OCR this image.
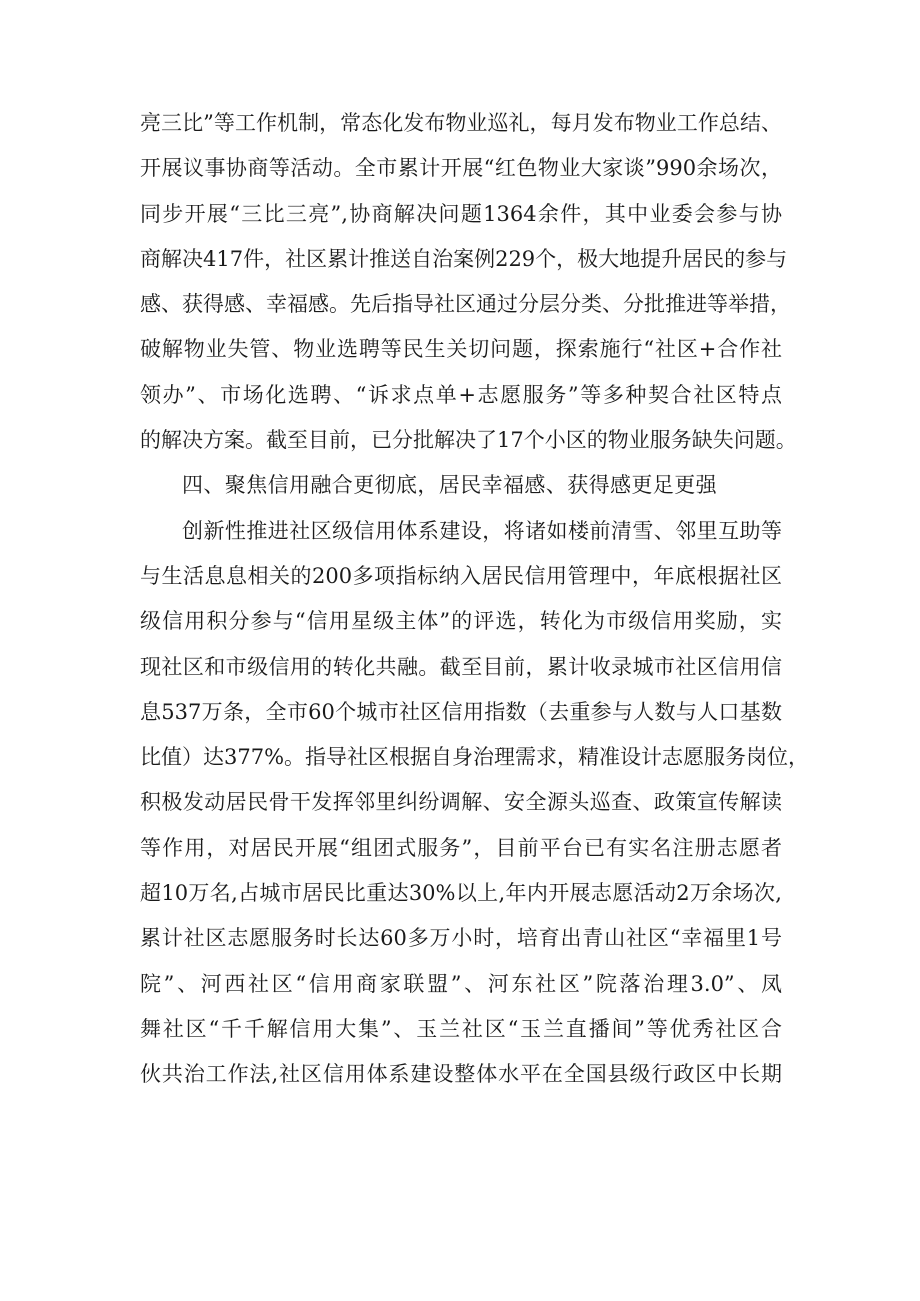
亮三比”等工作机制，常态化发布物业巡礼，每月发布物业工作总结、
开展议事协商等活动。全市累计开展“红色物业大家谈”990余场次，
同步开展“三比三亮”,协商解决问题1364余件，其中业委会参与协
商解决417件，社区累计推送自治案例229个，极大地提升居民的参与
感、获得感、幸福感。先后指导社区通过分层分类、分批推进等举措，
破解物业失管、物业选聘等民生关切问题，探索施行“社区+合作社
领办”、市场化选聘、“诉求点单+志愿服务”等多种契合社区特点
的解决方案。截至目前，已分批解决了17个小区的物业服务缺失问题。
四、聚焦信用融合更彻底，居民幸福感、获得感更足更强
创新性推进社区级信用体系建设，将诸如楼前清雪、邻里互助等
与生活息息相关的200多项指标纳入居民信用管理中，年底根据社区
级信用积分参与“信用星级主体”的评选，转化为市级信用奖励，实
现社区和市级信用的转化共融。截至目前，累计收录城市社区信用信
息537万条，全市60个城市社区信用指数（去重参与人数与人口基数
比值）达377%。指导社区根据自身治理需求，精准设计志愿服务岗位，
积极发动居民骨干发挥邻里纠纷调解、安全源头巡查、政策宣传解读
等作用，对居民开展“组团式服务”，目前平台已有实名注册志愿者
超10万名,占城市居民比重达30%以上,年内开展志愿活动2万余场次,
累计社区志愿服务时长达60多万小时，培育出青山社区“幸福里1号
院”、河西社区“信用商家联盟”、河东社区”院落治理3.0”、凤
舞社区“千千解信用大集”、玉兰社区“玉兰直播间”等优秀社区合
伙共治工作法,社区信用体系建设整体水平在全国县级行政区中长期
